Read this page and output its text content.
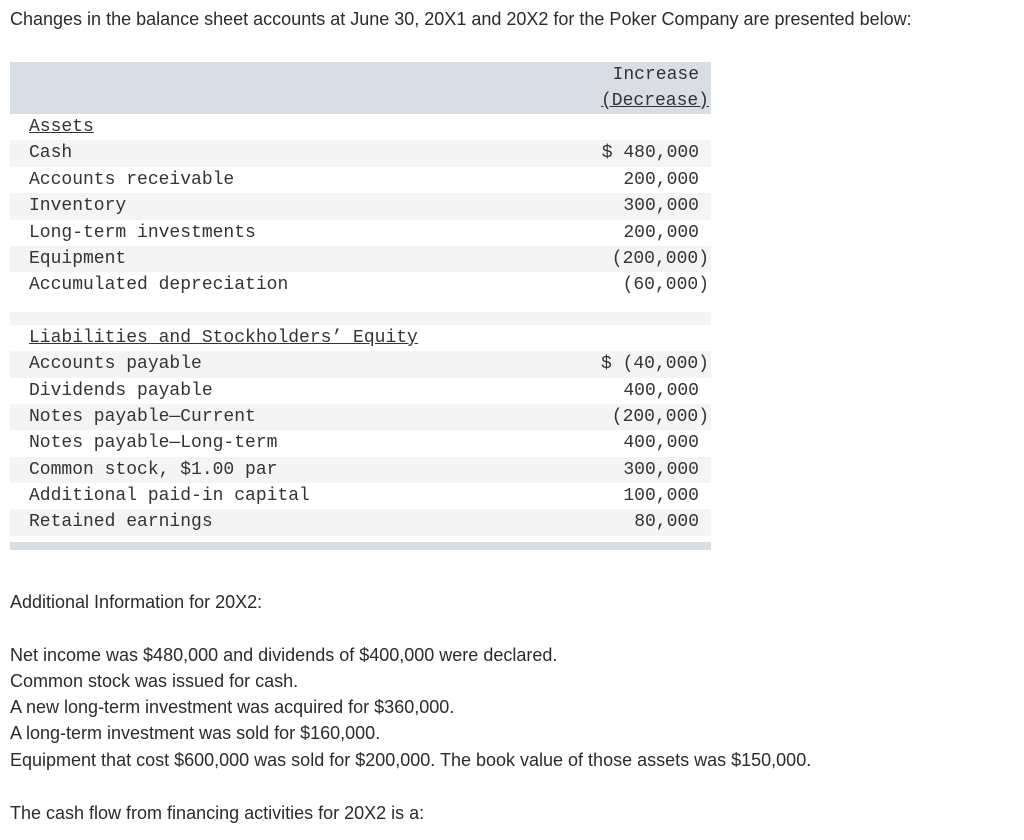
Changes in the balance sheet accounts at June 30, 20X1 and 20X2 for the Poker Company are presented below:
Increase
(Decrease)
Assets
Cash	$ 480,000
Accounts receivable	200,000
Inventory	300,000
Long-term investments	200,000
Equipment	(200,000)
Accumulated depreciation	(60,000)
Liabilities and Stockholders’ Equity
Accounts payable	$ (40,000)
Dividends payable	400,000
Notes payable—Current	(200,000)
Notes payable—Long-term	400,000
Common stock, $1.00 par	300,000
Additional paid-in capital	100,000
Retained earnings	80,000
Additional Information for 20X2:
Net income was $480,000 and dividends of $400,000 were declared.
Common stock was issued for cash.
A new long-term investment was acquired for $360,000.
A long-term investment was sold for $160,000.
Equipment that cost $600,000 was sold for $200,000. The book value of those assets was $150,000.
The cash flow from financing activities for 20X2 is a:
